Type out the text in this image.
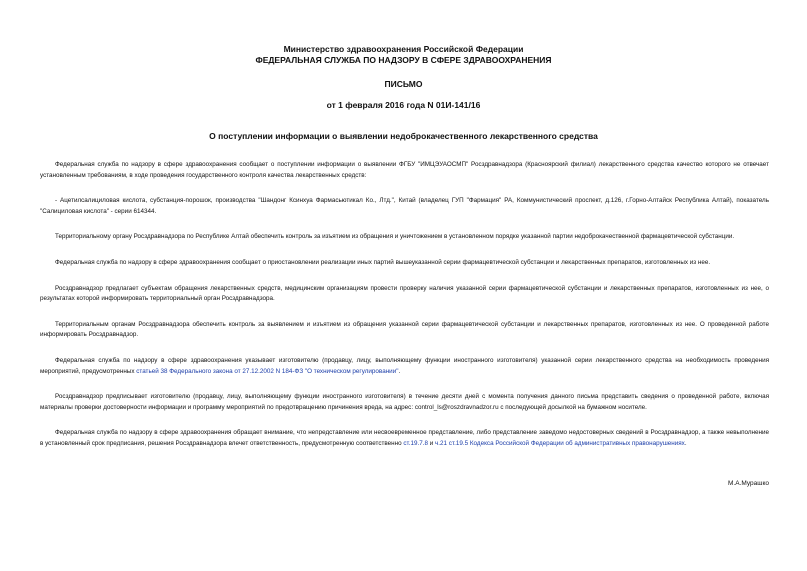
Министерство здравоохранения Российской Федерации
ФЕДЕРАЛЬНАЯ СЛУЖБА ПО НАДЗОРУ В СФЕРЕ ЗДРАВООХРАНЕНИЯ
ПИСЬМО
от 1 февраля 2016 года N 01И-141/16
О поступлении информации о выявлении недоброкачественного лекарственного средства

Федеральная служба по надзору в сфере здравоохранения сообщает о поступлении информации о выявлении ФГБУ "ИМЦЭУАОСМП" Росздравнадзора (Красноярский филиал) лекарственного средства качество которого не отвечает установленным требованиям, в ходе проведения государственного контроля качества лекарственных средств:

- Ацетилсалициловая кислота, субстанция-порошок, производства "Шандонг Ксинхуа Фармасьютикал Ко., Лтд.", Китай (владелец ГУП "Фармация" РА, Коммунистический проспект, д.126, г.Горно-Алтайск Республика Алтай), показатель "Салициловая кислота" - серии 614344.

Территориальному органу Росздравнадзора по Республике Алтай обеспечить контроль за изъятием из обращения и уничтожением в установленном порядке указанной партии недоброкачественной фармацевтической субстанции.

Федеральная служба по надзору в сфере здравоохранения сообщает о приостановлении реализации иных партий вышеуказанной серии фармацевтической субстанции и лекарственных препаратов, изготовленных из нее.

Росздравнадзор предлагает субъектам обращения лекарственных средств, медицинским организациям провести проверку наличия указанной серии фармацевтической субстанции и лекарственных препаратов, изготовленных из нее, о результатах которой информировать территориальный орган Росздравнадзора.

Территориальным органам Росздравнадзора обеспечить контроль за выявлением и изъятием из обращения указанной серии фармацевтической субстанции и лекарственных препаратов, изготовленных из нее. О проведенной работе информировать Росздравнадзор.

Федеральная служба по надзору в сфере здравоохранения указывает изготовителю (продавцу, лицу, выполняющему функции иностранного изготовителя) указанной серии лекарственного средства на необходимость проведения мероприятий, предусмотренных статьей 38 Федерального закона от 27.12.2002 N 184-ФЗ "О техническом регулировании".

Росздравнадзор предписывает изготовителю (продавцу, лицу, выполняющему функции иностранного изготовителя) в течение десяти дней с момента получения данного письма представить сведения о проведенной работе, включая материалы проверки достоверности информации и программу мероприятий по предотвращению причинения вреда, на адрес: control_ls@roszdravnadzor.ru с последующей досылкой на бумажном носителе.

Федеральная служба по надзору в сфере здравоохранения обращает внимание, что непредставление или несвоевременное представление, либо представление заведомо недостоверных сведений в Росздравнадзор, а также невыполнение в установленный срок предписания, решения Росздравнадзора влечет ответственность, предусмотренную соответственно ст.19.7.8 и ч.21 ст.19.5 Кодекса Российской Федерации об административных правонарушениях.

М.А.Мурашко
